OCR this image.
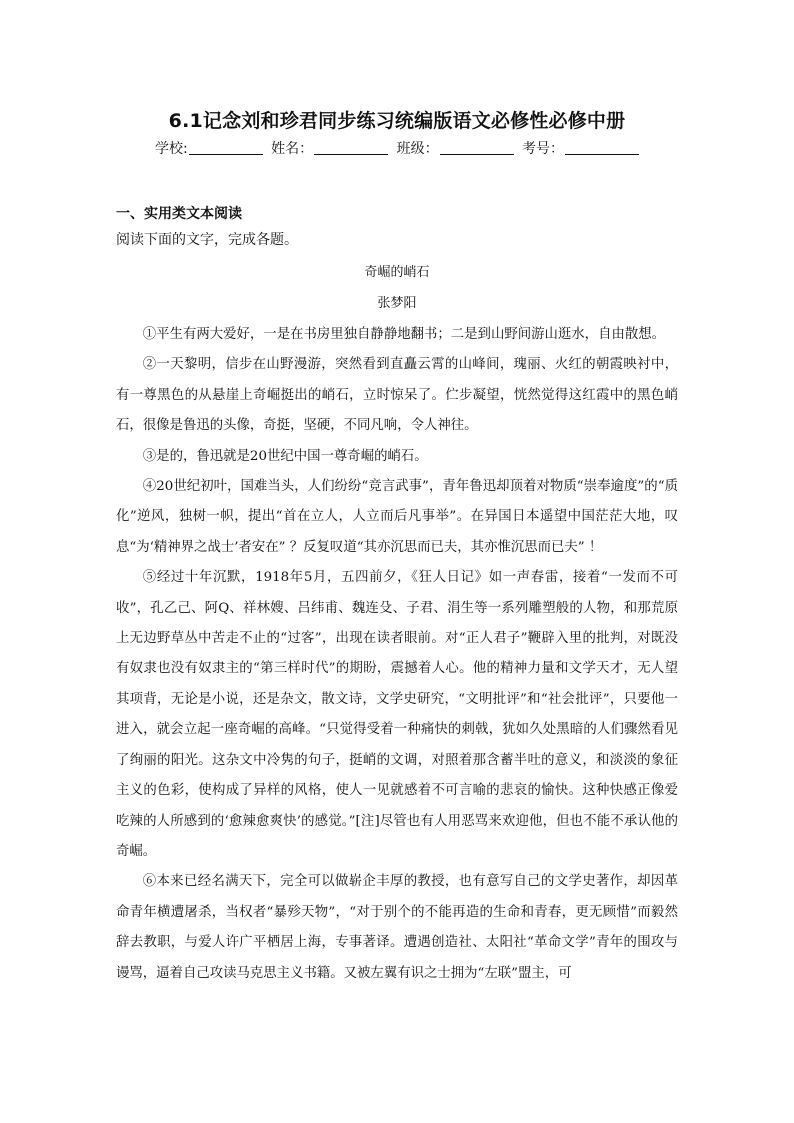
6.1记念刘和珍君同步练习统编版语文必修性必修中册
学校:	姓名：	班级：	考号：
一、实用类文本阅读
阅读下面的文字，完成各题。
奇崛的峭石
张梦阳

①平生有两大爱好，一是在书房里独自静静地翻书；二是到山野间游山逛水，自由散想。

②一天黎明，信步在山野漫游，突然看到直矗云霄的山峰间，瑰丽、火红的朝霞映衬中，有一尊黑色的从悬崖上奇崛挺出的峭石，立时惊呆了。伫步凝望，恍然觉得这红霞中的黑色峭石，很像是鲁迅的头像，奇挺，坚硬，不同凡响，令人神往。

③是的，鲁迅就是20世纪中国一尊奇崛的峭石。

④20世纪初叶，国难当头，人们纷纷“竞言武事”，青年鲁迅却顶着对物质“崇奉逾度”的“质化”逆风，独树一帜，提出“首在立人，人立而后凡事举”。在异国日本遥望中国茫茫大地，叹息“为‘精神界之战士’者安在” ？反复叹道“其亦沉思而已夫，其亦惟沉思而已夫” ！

⑤经过十年沉默，1918年5月，五四前夕，《狂人日记》如一声春雷，接着“一发而不可收”，孔乙己、阿Q、祥林嫂、吕纬甫、魏连殳、子君、涓生等一系列雕塑般的人物，和那荒原上无边野草丛中苦走不止的“过客”，出现在读者眼前。对“正人君子”鞭辟入里的批判，对既没有奴隶也没有奴隶主的“第三样时代”的期盼，震撼着人心。他的精神力量和文学天才，无人望其项背，无论是小说，还是杂文，散文诗，文学史研究，“文明批评”和“社会批评”，只要他一进入，就会立起一座奇崛的高峰。“只觉得受着一种痛快的刺戟，犹如久处黑暗的人们骤然看见了绚丽的阳光。这杂文中冷隽的句子，挺峭的文调，对照着那含蓄半吐的意义，和淡淡的象征主义的色彩，使构成了异样的风格，使人一见就感着不可言喻的悲哀的愉快。这种快感正像爱吃辣的人所感到的‘愈辣愈爽快’的感觉。”[注]尽管也有人用恶骂来欢迎他，但也不能不承认他的奇崛。

⑥本来已经名满天下，完全可以做崭企丰厚的教授，也有意写自己的文学史著作，却因革命青年横遭屠杀，当权者“暴殄天物”，“对于别个的不能再造的生命和青春，更无顾惜”而毅然辞去教职，与爱人许广平栖居上海，专事著译。遭遇创造社、太阳社“革命文学”青年的围攻与谩骂，逼着自己攻读马克思主义书籍。又被左翼有识之士拥为“左联”盟主，可
